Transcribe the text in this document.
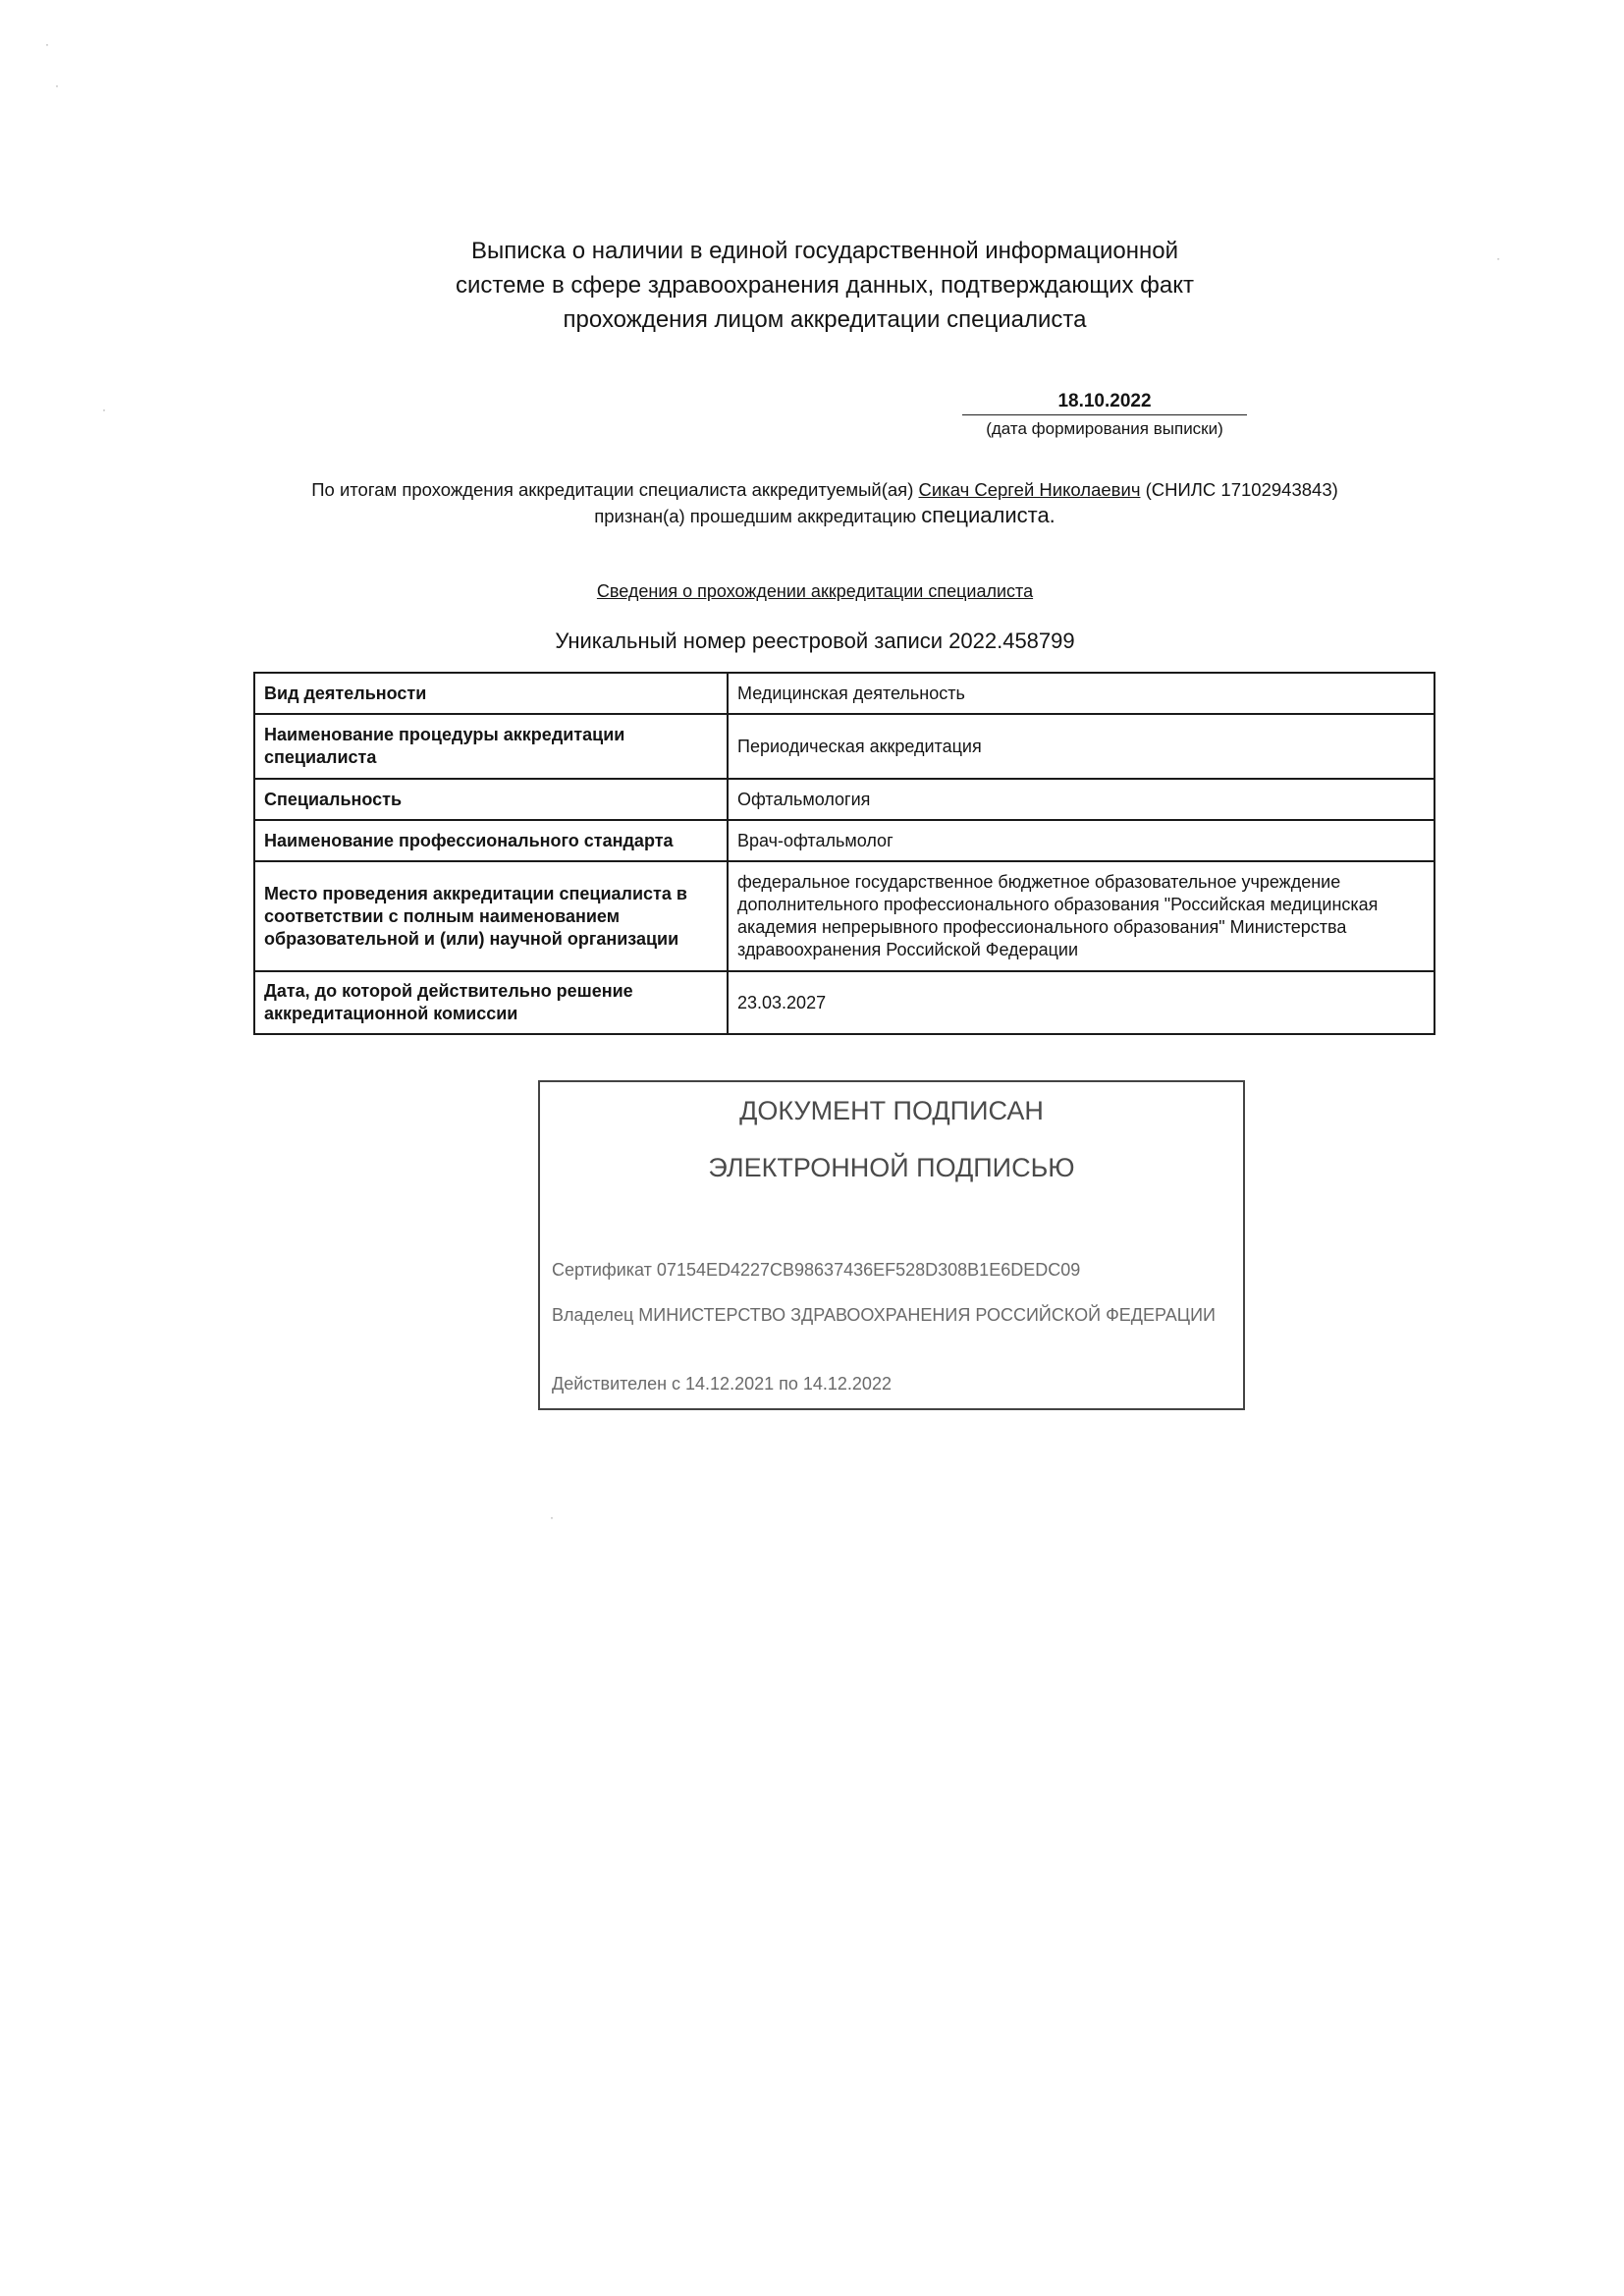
Выписка о наличии в единой государственной информационной
системе в сфере здравоохранения данных, подтверждающих факт
прохождения лицом аккредитации специалиста
18.10.2022
(дата формирования выписки)
По итогам прохождения аккредитации специалиста аккредитуемый(ая) Сикач Сергей Николаевич (СНИЛС 17102943843)
признан(а) прошедшим аккредитацию специалиста.
Сведения о прохождении аккредитации специалиста
Уникальный номер реестровой записи 2022.458799
Вид деятельности	Медицинская деятельность
Наименование процедуры аккредитации специалиста	Периодическая аккредитация
Специальность	Офтальмология
Наименование профессионального стандарта	Врач-офтальмолог
Место проведения аккредитации специалиста в соответствии с полным наименованием образовательной и (или) научной организации	федеральное государственное бюджетное образовательное учреждение дополнительного профессионального образования "Российская медицинская академия непрерывного профессионального образования" Министерства здравоохранения Российской Федерации
Дата, до которой действительно решение аккредитационной комиссии	23.03.2027
ДОКУМЕНТ ПОДПИСАН
ЭЛЕКТРОННОЙ ПОДПИСЬЮ
Сертификат 07154ED4227CB98637436EF528D308B1E6DEDC09
Владелец МИНИСТЕРСТВО ЗДРАВООХРАНЕНИЯ РОССИЙСКОЙ ФЕДЕРАЦИИ
Действителен с 14.12.2021 по 14.12.2022
·
·
·
·
·
